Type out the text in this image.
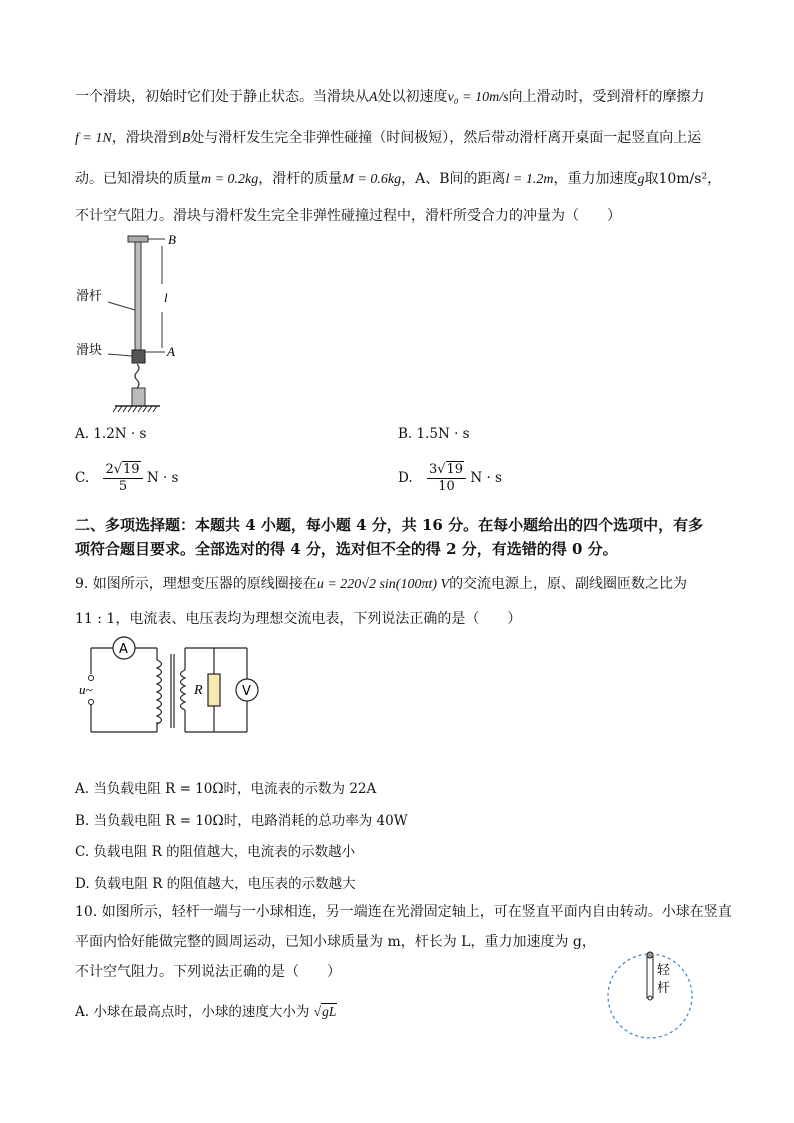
一个滑块，初始时它们处于静止状态。当滑块从A处以初速度v₀ = 10m/s向上滑动时，受到滑杆的摩擦力
f = 1N，滑块滑到B处与滑杆发生完全非弹性碰撞（时间极短），然后带动滑杆离开桌面一起竖直向上运
动。已知滑块的质量m = 0.2kg，滑杆的质量M = 0.6kg，A、B间的距离l = 1.2m，重力加速度g取10m/s²，
不计空气阻力。滑块与滑杆发生完全非弹性碰撞过程中，滑杆所受合力的冲量为（　　）
B
A
l
滑杆
滑块
A. 1.2N · s	B. 1.5N · s
C. $\frac{2√19}{5}$ N · s	D. $\frac{3√19}{10}$ N · s
二、多项选择题：本题共 4 小题，每小题 4 分，共 16 分。在每小题给出的四个选项中，有多
项符合题目要求。全部选对的得 4 分，选对但不全的得 2 分，有选错的得 0 分。
9. 如图所示，理想变压器的原线圈接在u = 220√2 sin(100πt) V的交流电源上，原、副线圈匝数之比为
11 : 1，电流表、电压表均为理想交流电表，下列说法正确的是（　　）
A
u~	R	V
A. 当负载电阻 R = 10Ω时，电流表的示数为 22A
B. 当负载电阻 R = 10Ω时，电路消耗的总功率为 40W
C. 负载电阻 R 的阻值越大，电流表的示数越小
D. 负载电阻 R 的阻值越大，电压表的示数越大
10. 如图所示，轻杆一端与一小球相连，另一端连在光滑固定轴上，可在竖直平面内自由转动。小球在竖直
平面内恰好能做完整的圆周运动，已知小球质量为 m，杆长为 L，重力加速度为 g，
不计空气阻力。下列说法正确的是（　　）
A. 小球在最高点时，小球的速度大小为 √gL
轻
杆
